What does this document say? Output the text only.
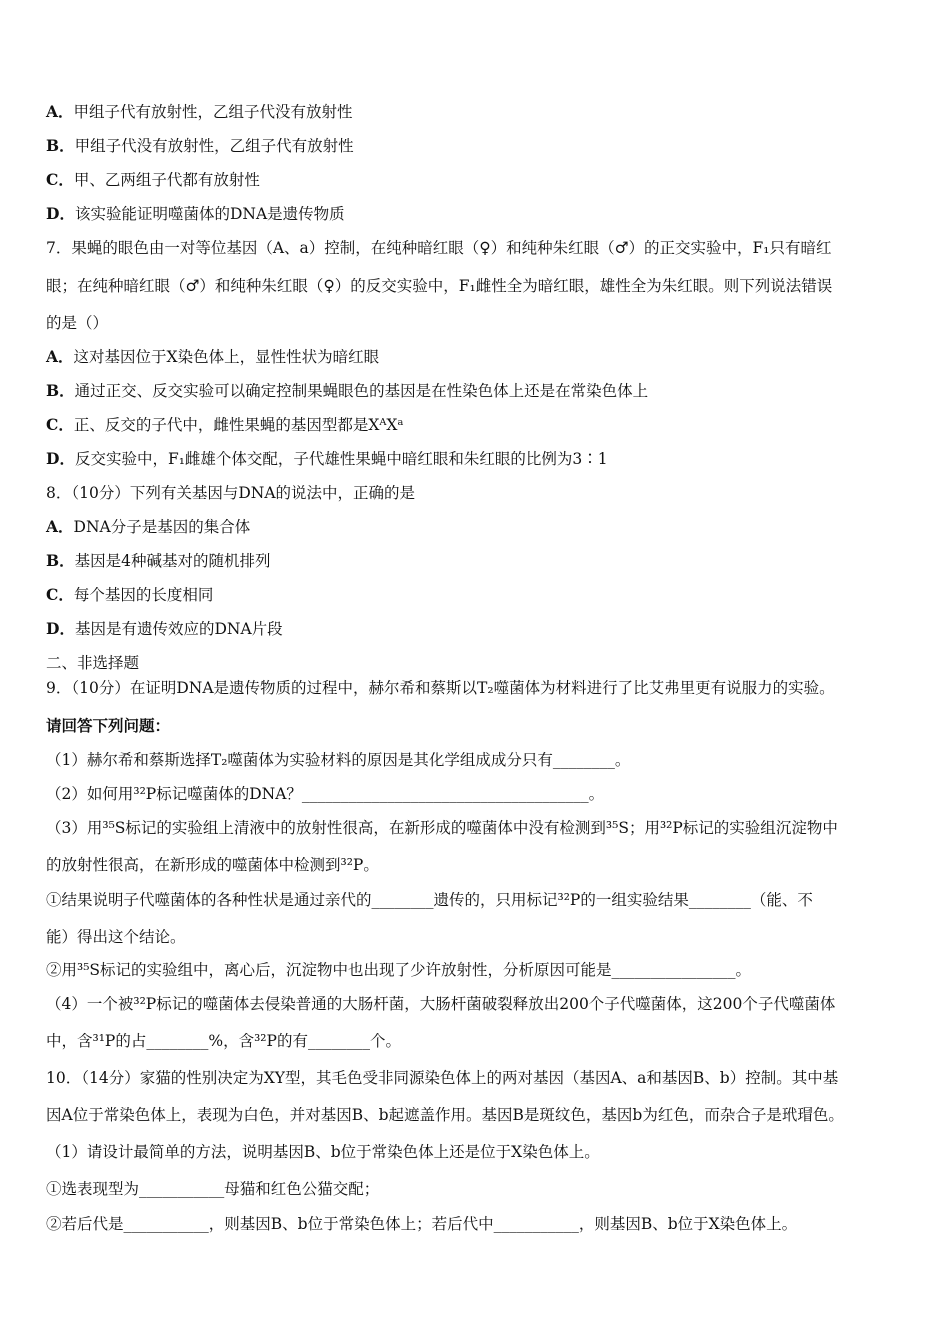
A．甲组子代有放射性，乙组子代没有放射性
B．甲组子代没有放射性，乙组子代有放射性
C．甲、乙两组子代都有放射性
D．该实验能证明噬菌体的DNA是遗传物质
7．果蝇的眼色由一对等位基因（A、a）控制，在纯种暗红眼（♀）和纯种朱红眼（♂）的正交实验中，F₁只有暗红
眼；在纯种暗红眼（♂）和纯种朱红眼（♀）的反交实验中，F₁雌性全为暗红眼，雄性全为朱红眼。则下列说法错误
的是（）
A．这对基因位于X染色体上，显性性状为暗红眼
B．通过正交、反交实验可以确定控制果蝇眼色的基因是在性染色体上还是在常染色体上
C．正、反交的子代中，雌性果蝇的基因型都是XᴬXᵃ
D．反交实验中，F₁雌雄个体交配，子代雄性果蝇中暗红眼和朱红眼的比例为3∶1
8．（10分）下列有关基因与DNA的说法中，正确的是
A．DNA分子是基因的集合体
B．基因是4种碱基对的随机排列
C．每个基因的长度相同
D．基因是有遗传效应的DNA片段
二、非选择题
9．（10分）在证明DNA是遗传物质的过程中，赫尔希和蔡斯以T₂噬菌体为材料进行了比艾弗里更有说服力的实验。
请回答下列问题：
（1）赫尔希和蔡斯选择T₂噬菌体为实验材料的原因是其化学组成成分只有________。
（2）如何用³²P标记噬菌体的DNA？_____________________________________。
（3）用³⁵S标记的实验组上清液中的放射性很高，在新形成的噬菌体中没有检测到³⁵S；用³²P标记的实验组沉淀物中
的放射性很高，在新形成的噬菌体中检测到³²P。
①结果说明子代噬菌体的各种性状是通过亲代的________遗传的，只用标记³²P的一组实验结果________（能、不
能）得出这个结论。
②用³⁵S标记的实验组中，离心后，沉淀物中也出现了少许放射性，分析原因可能是________________。
（4）一个被³²P标记的噬菌体去侵染普通的大肠杆菌，大肠杆菌破裂释放出200个子代噬菌体，这200个子代噬菌体
中，含³¹P的占________%，含³²P的有________个。
10．（14分）家猫的性别决定为XY型，其毛色受非同源染色体上的两对基因（基因A、a和基因B、b）控制。其中基
因A位于常染色体上，表现为白色，并对基因B、b起遮盖作用。基因B是斑纹色，基因b为红色，而杂合子是玳瑁色。
（1）请设计最简单的方法，说明基因B、b位于常染色体上还是位于X染色体上。
①选表现型为___________母猫和红色公猫交配；
②若后代是___________，则基因B、b位于常染色体上；若后代中___________，则基因B、b位于X染色体上。
